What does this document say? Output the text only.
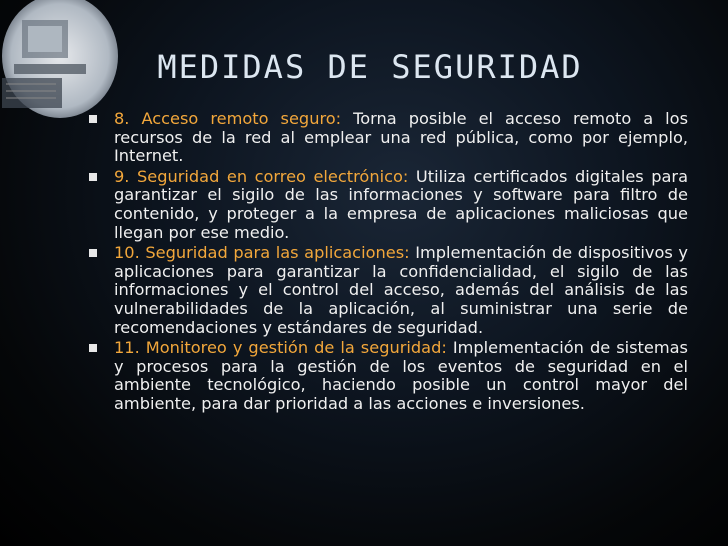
MEDIDAS DE SEGURIDAD
8. Acceso remoto seguro: Torna posible el acceso remoto a los recursos de la red al emplear una red pública, como por ejemplo, Internet.
9. Seguridad en correo electrónico: Utiliza certificados digitales para garantizar el sigilo de las informaciones y software para filtro de contenido, y proteger a la empresa de aplicaciones maliciosas que llegan por ese medio.
10. Seguridad para las aplicaciones: Implementación de dispositivos y aplicaciones para garantizar la confidencialidad, el sigilo de las informaciones y el control del acceso, además del análisis de las vulnerabilidades de la aplicación, al suministrar una serie de recomendaciones y estándares de seguridad.
11. Monitoreo y gestión de la seguridad: Implementación de sistemas y procesos para la gestión de los eventos de seguridad en el ambiente tecnológico, haciendo posible un control mayor del ambiente, para dar prioridad a las acciones e inversiones.
